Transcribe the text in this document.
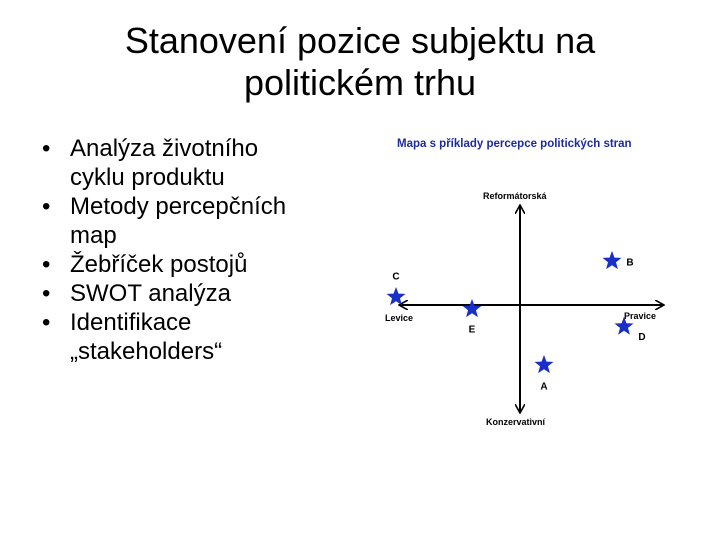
Stanovení pozice subjektu na
politickém trhu
• Analýza životního
cyklu produktu
• Metody percepčních
map
• Žebříček postojů
• SWOT analýza
• Identifikace
„stakeholders“
Mapa s příklady percepce politických stran
A
B
C
D
E
Reformátorská
Konzervativní
Levice	Pravice
